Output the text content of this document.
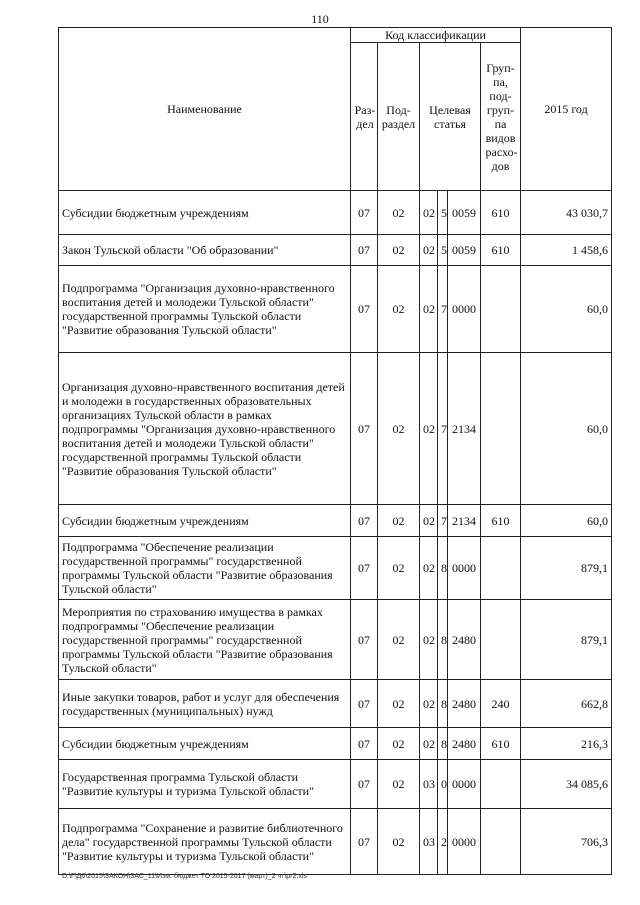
110
Наименование	Код классификации						2015 год

	Раз-дел	Под-раздел	Целевая статья			Груп-па, под-груп-па видов расхо-дов	

Субсидии бюджетным учреждениям	07	02	02	5	0059	610	43 030,7
Закон Тульской области "Об образовании"	07	02	02	5	0059	610	1 458,6
Подпрограмма "Организация духовно-нравственного воспитания детей и молодежи Тульской области" государственной программы Тульской области "Развитие образования Тульской области"	07	02	02	7	0000		60,0
Организация духовно-нравственного воспитания детей и молодежи в государственных образовательных организациях Тульской области в рамках подпрограммы "Организация духовно-нравственного воспитания детей и молодежи Тульской области" государственной программы Тульской области "Развитие образования Тульской области"	07	02	02	7	2134		60,0
Субсидии бюджетным учреждениям	07	02	02	7	2134	610	60,0
Подпрограмма "Обеспечение реализации государственной программы" государственной программы Тульской области "Развитие образования Тульской области"	07	02	02	8	0000		879,1
Мероприятия по страхованию имущества в рамках подпрограммы "Обеспечение реализации государственной программы" государственной программы Тульской области "Развитие образования Тульской области"	07	02	02	8	2480		879,1
Иные закупки товаров, работ и услуг для обеспечения государственных (муниципальных) нужд	07	02	02	8	2480	240	662,8
Субсидии бюджетным учреждениям	07	02	02	8	2480	610	216,3
Государственная программа Тульской области "Развитие культуры и туризма Тульской области"	07	02	03	0	0000		34 085,6
Подпрограмма "Сохранение и развитие библиотечного дела" государственной программы Тульской области "Развитие культуры и туризма Тульской области"	07	02	03	2	0000		706,3
D:\Г\Д6\2015\ЗАКОН\ЗАС_11\Изм. бюджет ТО 2015-2017 (март)_2 чт\pr2.xls
